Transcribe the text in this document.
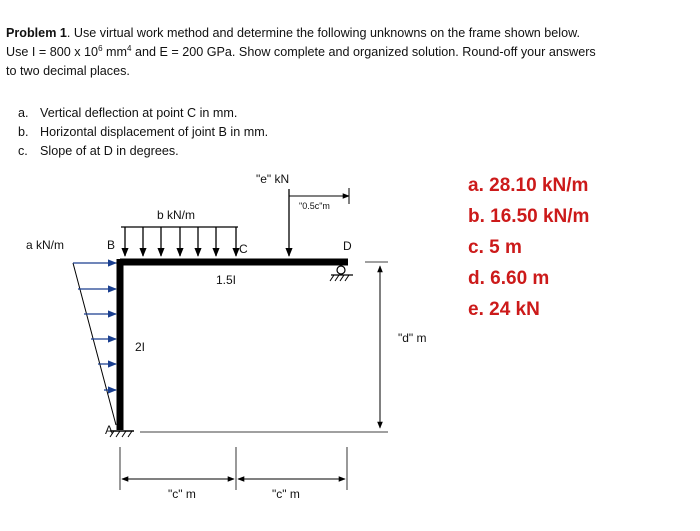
Problem 1. Use virtual work method and determine the following unknowns on the frame shown below.
Use I = 800 x $10^6$ $mm^4$ and E = 200 GPa. Show complete and organized solution. Round-off your answers
to two decimal places.
a. Vertical deflection at point C in mm.
b. Horizontal displacement of joint B in mm.
c. Slope of at D in degrees.
a. 28.10 kN/m
b. 16.50 kN/m
c. 5 m
d. 6.60 m
e. 24 kN
"e" kN
"0.5c"m
b kN/m
a kN/m	B	C	D
A
1.5I
2I
"c" m	"c" m
"d" m
